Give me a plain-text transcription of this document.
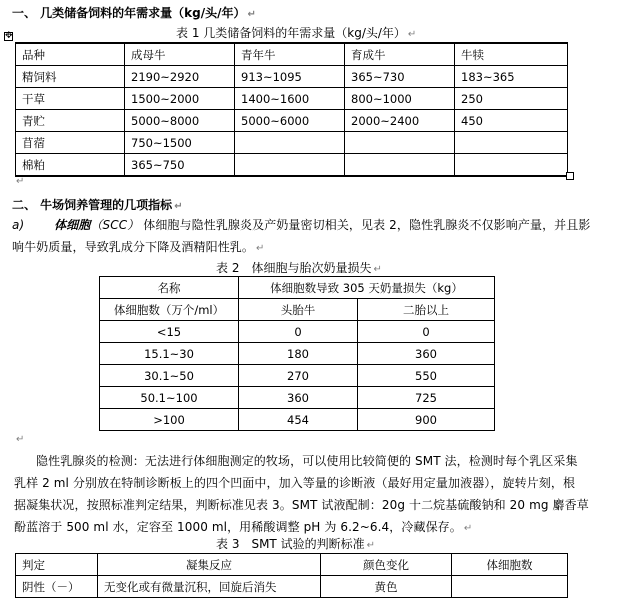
一、 几类储备饲料的年需求量（kg/头/年） ↵
表 1 几类储备饲料的年需求量（kg/头/年） ↵
✥
品种	成母牛	青年牛	育成牛	牛犊
精饲料	2190~2920	913~1095	365~730	183~365
干草	1500~2000	1400~1600	800~1000	250
青贮	5000~8000	5000~6000	2000~2400	450
苜蓿	750~1500			
棉粕	365~750			
↵
二、 牛场饲养管理的几项指标 ↵
a) 体细胞（SCC） 体细胞与隐性乳腺炎及产奶量密切相关，见表 2，隐性乳腺炎不仅影响产量，并且影
响牛奶质量，导致乳成分下降及酒精阳性乳。 ↵
表 2　体细胞与胎次奶量损失 ↵
名称	体细胞数导致 305 天奶量损失（kg）	
体细胞数（万个/ml）	头胎牛	二胎以上
<15	0	0
15.1~30	180	360
30.1~50	270	550
50.1~100	360	725
>100	454	900
↵
隐性乳腺炎的检测：无法进行体细胞测定的牧场，可以使用比较简便的 SMT 法，检测时每个乳区采集
乳样 2 ml 分别放在特制诊断板上的四个凹面中，加入等量的诊断液（最好用定量加液器），旋转片刻，根
据凝集状况，按照标准判定结果，判断标准见表 3。SMT 试液配制：20g 十二烷基硫酸钠和 20 mg 麝香草
酚蓝溶于 500 ml 水，定容至 1000 ml，用稀酸调整 pH 为 6.2~6.4，冷藏保存。 ↵
表 3　SMT 试验的判断标准 ↵
判定	凝集反应	颜色变化	体细胞数
阴性（－）	无变化或有微量沉积，回旋后消失	黄色	
